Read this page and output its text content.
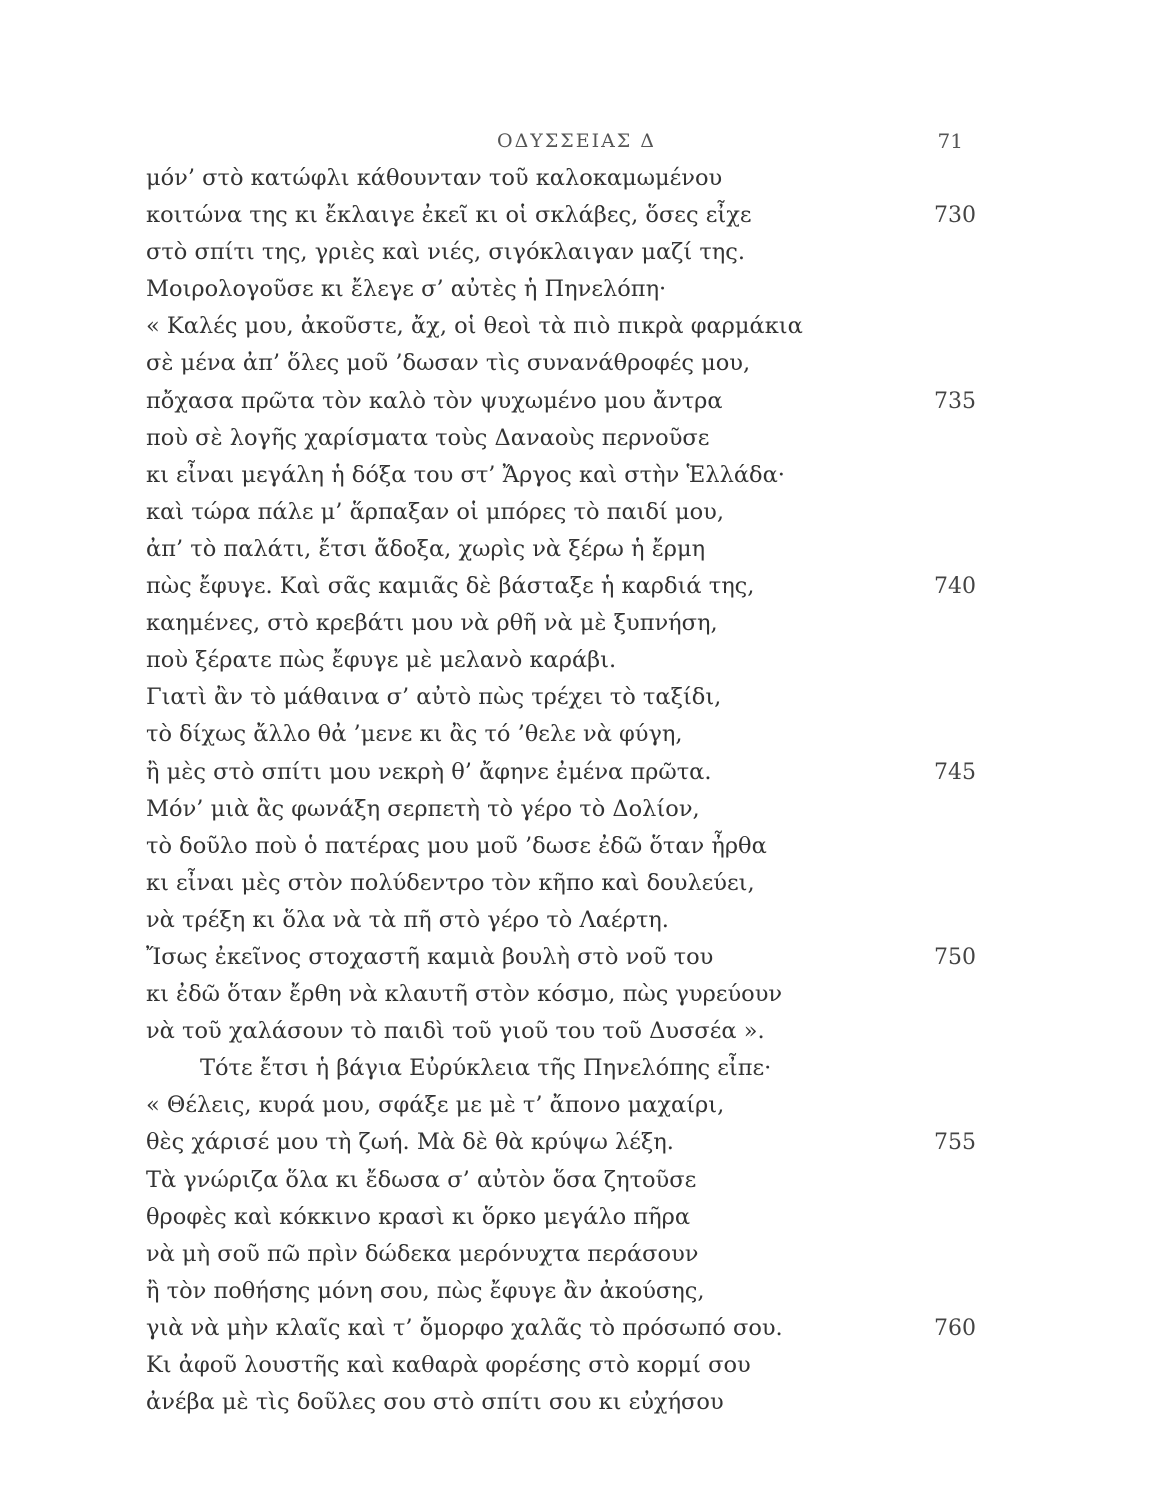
ΟΔΥΣΣΕΙΑΣ Δ	71
μόν’ στὸ κατώφλι κάθουνταν τοῦ καλοκαμωμένου
κοιτώνα της κι ἔκλαιγε ἐκεῖ κι οἱ σκλάβες, ὅσες εἶχε	730
στὸ σπίτι της, γριὲς καὶ νιές, σιγόκλαιγαν μαζί της.
Μοιρολογοῦσε κι ἔλεγε σ’ αὐτὲς ἡ Πηνελόπη·
« Καλές μου, ἀκοῦστε, ἄχ, οἱ θεοὶ τὰ πιὸ πικρὰ φαρμάκια
σὲ μένα ἀπ’ ὅλες μοῦ ’δωσαν τὶς συνανάθροφές μου,
πὄχασα πρῶτα τὸν καλὸ τὸν ψυχωμένο μου ἄντρα	735
ποὺ σὲ λογῆς χαρίσματα τοὺς Δαναοὺς περνοῦσε
κι εἶναι μεγάλη ἡ δόξα του στ’ Ἄργος καὶ στὴν Ἑλλάδα·
καὶ τώρα πάλε μ’ ἅρπαξαν οἱ μπόρες τὸ παιδί μου,
ἀπ’ τὸ παλάτι, ἔτσι ἄδοξα, χωρὶς νὰ ξέρω ἡ ἔρμη
πὼς ἔφυγε. Καὶ σᾶς καμιᾶς δὲ βάσταξε ἡ καρδιά της,	740
καημένες, στὸ κρεβάτι μου νὰ ρθῆ νὰ μὲ ξυπνήση,
ποὺ ξέρατε πὼς ἔφυγε μὲ μελανὸ καράβι.
Γιατὶ ἂν τὸ μάθαινα σ’ αὐτὸ πὼς τρέχει τὸ ταξίδι,
τὸ δίχως ἄλλο θἀ ’μενε κι ἂς τό ’θελε νὰ φύγη,
ἢ μὲς στὸ σπίτι μου νεκρὴ θ’ ἄφηνε ἐμένα πρῶτα.	745
Μόν’ μιὰ ἂς φωνάξη σερπετὴ τὸ γέρο τὸ Δολίον,
τὸ δοῦλο ποὺ ὁ πατέρας μου μοῦ ’δωσε ἐδῶ ὅταν ἦρθα
κι εἶναι μὲς στὸν πολύδεντρο τὸν κῆπο καὶ δουλεύει,
νὰ τρέξη κι ὅλα νὰ τὰ πῆ στὸ γέρο τὸ Λαέρτη.
Ἴσως ἐκεῖνος στοχαστῆ καμιὰ βουλὴ στὸ νοῦ του	750
κι ἐδῶ ὅταν ἔρθη νὰ κλαυτῆ στὸν κόσμο, πὼς γυρεύουν
νὰ τοῦ χαλάσουν τὸ παιδὶ τοῦ γιοῦ του τοῦ Δυσσέα ».
Τότε ἔτσι ἡ βάγια Εὐρύκλεια τῆς Πηνελόπης εἶπε·
« Θέλεις, κυρά μου, σφάξε με μὲ τ’ ἄπονο μαχαίρι,
θὲς χάρισέ μου τὴ ζωή. Μὰ δὲ θὰ κρύψω λέξη.	755
Τὰ γνώριζα ὅλα κι ἔδωσα σ’ αὐτὸν ὅσα ζητοῦσε
θροφὲς καὶ κόκκινο κρασὶ κι ὅρκο μεγάλο πῆρα
νὰ μὴ σοῦ πῶ πρὶν δώδεκα μερόνυχτα περάσουν
ἢ τὸν ποθήσης μόνη σου, πὼς ἔφυγε ἂν ἀκούσης,
γιὰ νὰ μὴν κλαῖς καὶ τ’ ὄμορφο χαλᾶς τὸ πρόσωπό σου.	760
Κι ἀφοῦ λουστῆς καὶ καθαρὰ φορέσης στὸ κορμί σου
ἀνέβα μὲ τὶς δοῦλες σου στὸ σπίτι σου κι εὐχήσου
